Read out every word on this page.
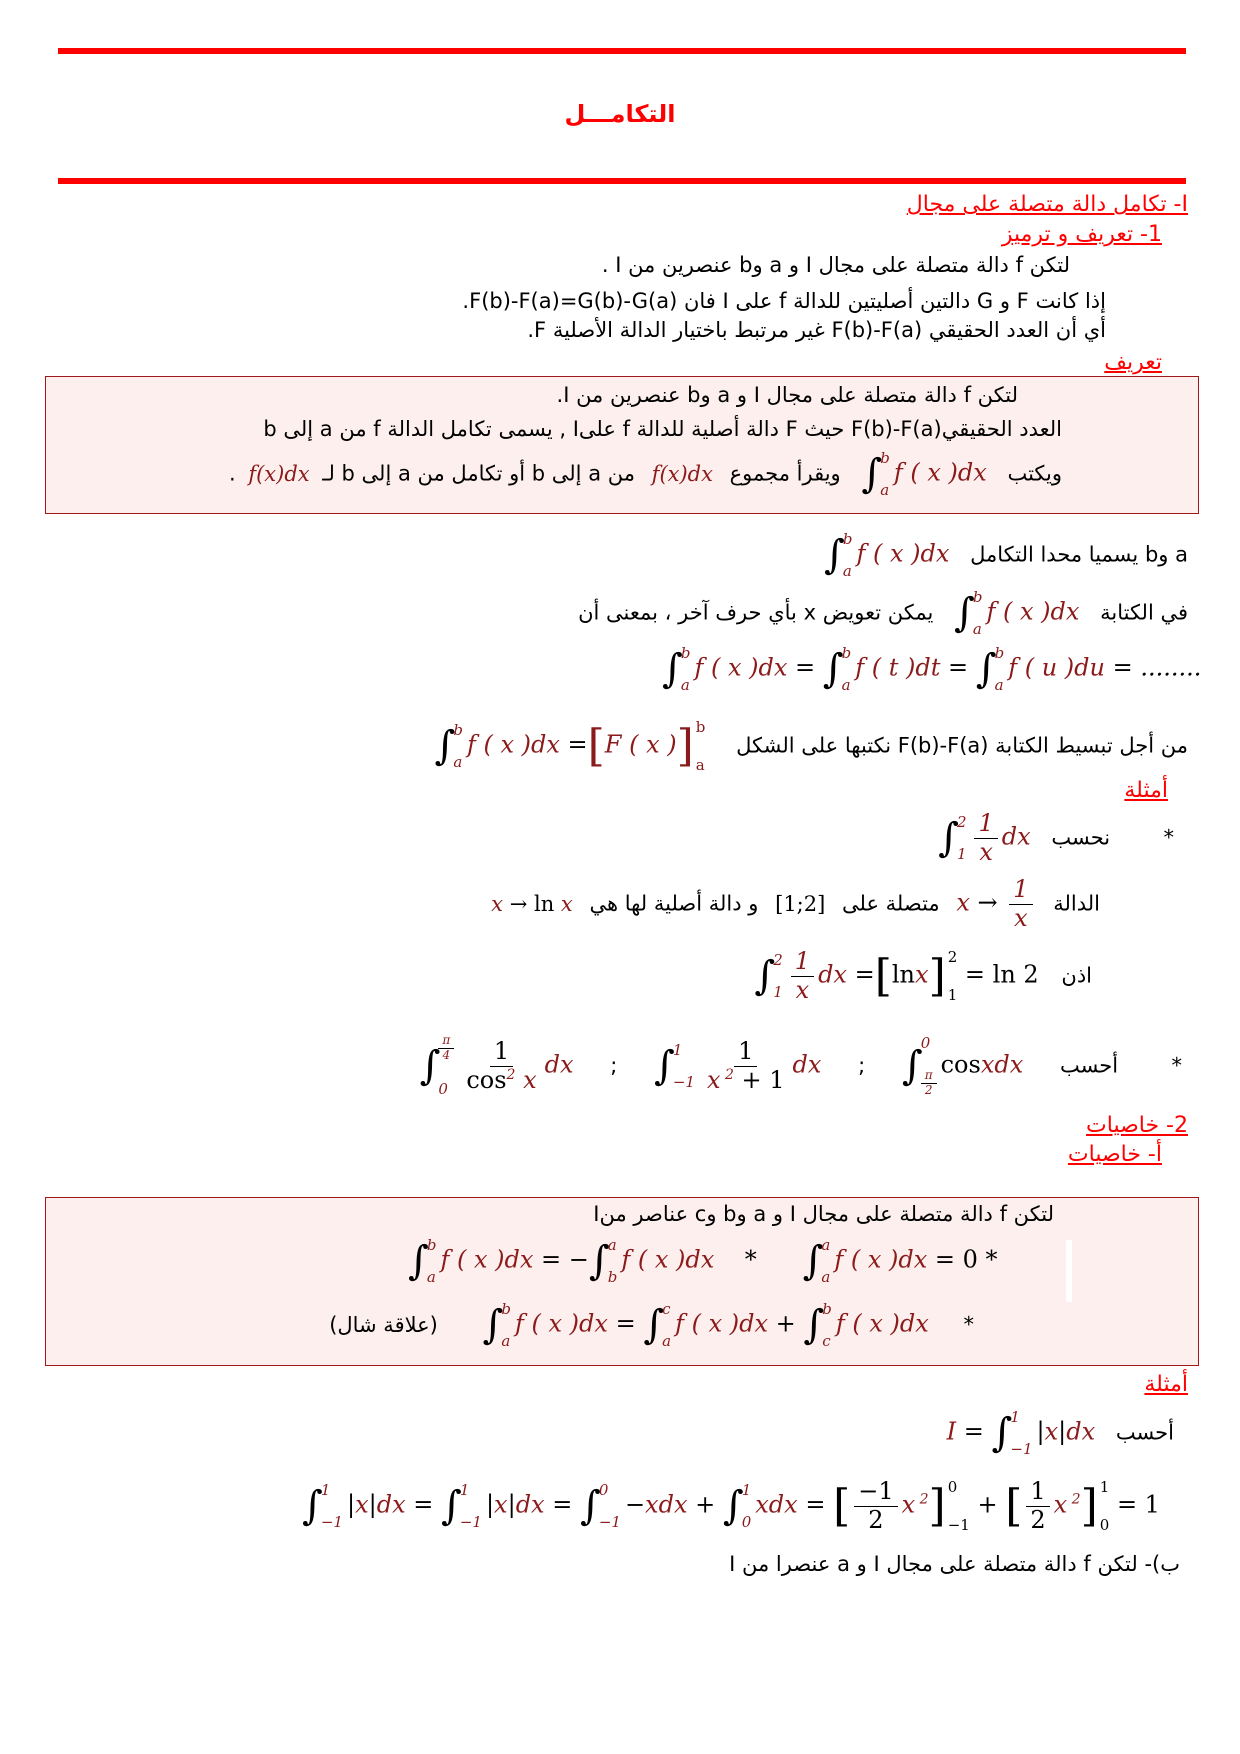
التكامـــل
I- تكامل دالة متصلة على مجال
1- تعريف و ترميز
لتكن f دالة متصلة على مجال I و a وb عنصرين من I .
إذا كانت F و G دالتين أصليتين للدالة f على I فان F(b)-F(a)=G(b)-G(a).
أي أن العدد الحقيقي F(b)-F(a) غير مرتبط باختيار الدالة الأصلية F.
تعريف
لتكن f دالة متصلة على مجال I و a وb عنصرين من I.
العدد الحقيقيF(b)-F(a) حيث F دالة أصلية للدالة f علىI , يسمى تكامل الدالة f من a إلى b
ويكتب ∫
b
a
f ( x )dx ويقرأ مجموع f(x)dx من a إلى b أو تكامل من a إلى b لـ f(x)dx .
a وb يسميا محدا التكامل ∫
b
a
f ( x )dx
في الكتابة ∫
b
a
f ( x )dx يمكن تعويض x بأي حرف آخر ، بمعنى أن
∫
b
a
f ( x )dx = ∫
b
a
f ( t )dt = ∫
b
a
f ( u )du = ........
من أجل تبسيط الكتابة F(b)-F(a) نكتبها على الشكل ∫
b
a
f ( x )dx =[F ( x )] b
a
أمثلة
*  نحسب ∫
2
$1 \frac{1}{x}$ dx
الدالة $x \to \frac{1}{x}$
متصلة على [1;2] و دالة أصلية لها هي x → ln x
اذن ∫
2
$1 \frac{1}{x}$ dx =[lnx] 2
1
= ln 2
*  أحسب ∫
0
$\frac{\pi}{2}$
cosxdx ; ∫
1
$-1 \frac{1}{x ^2 + 1}$ dx ; ∫
$\frac{\pi}{4}$
$0 \frac{1}{\cos^2 x}$ dx
2- خاصيات
أ- خاصيات
لتكن f دالة متصلة على مجال I و a وb وc عناصر منI
∫
b
a
f ( x )dx = −∫
a
b
f ( x )dx    * ∫
a
a
f ( x )dx = 0 *
* ∫
b
a
f ( x )dx = ∫
c
a
f ( x )dx + ∫
b
c
f ( x )dx (علاقة شال)
أمثلة
أحسب I = ∫
1
−1
|x|dx
∫
1
−1
|x|dx = ∫
1
−1
|x|dx = ∫
0
−1
−xdx + ∫
1
0
xdx = [ $\frac{-1}{2}$ x $^2$] 0
−1
+ [ $\frac{1}{2}$ x $^2$] 1
0
= 1
ب)- لتكن f دالة متصلة على مجال I و a عنصرا من I
